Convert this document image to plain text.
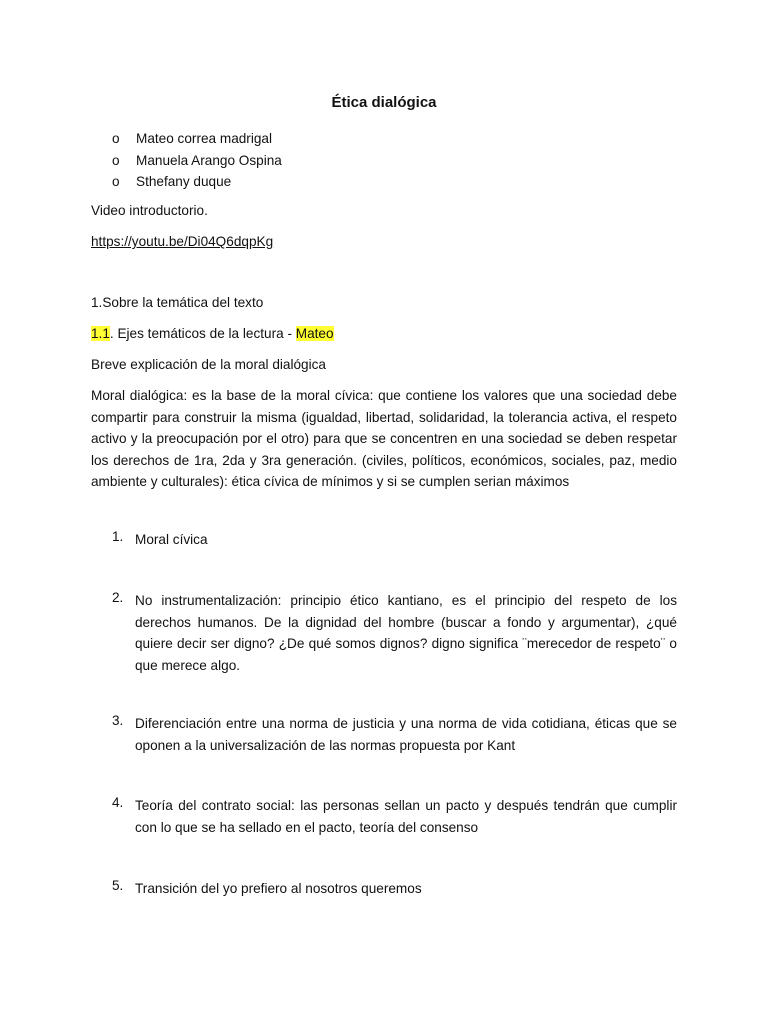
Ética dialógica
o Mateo correa madrigal
o Manuela Arango Ospina
o Sthefany duque
Video introductorio.
https://youtu.be/Di04Q6dqpKg
1.Sobre la temática del texto
1.1. Ejes temáticos de la lectura - Mateo
Breve explicación de la moral dialógica
Moral dialógica: es la base de la moral cívica: que contiene los valores que una sociedad debe compartir para construir la misma (igualdad, libertad, solidaridad, la tolerancia activa, el respeto activo y la preocupación por el otro) para que se concentren en una sociedad se deben respetar los derechos de 1ra, 2da y 3ra generación. (civiles, políticos, económicos, sociales, paz, medio ambiente y culturales): ética cívica de mínimos y si se cumplen serian máximos
1. Moral cívica
2. No instrumentalización: principio ético kantiano, es el principio del respeto de los derechos humanos. De la dignidad del hombre (buscar a fondo y argumentar), ¿qué quiere decir ser digno? ¿De qué somos dignos? digno significa ¨merecedor de respeto¨ o que merece algo.
3. Diferenciación entre una norma de justicia y una norma de vida cotidiana, éticas que se oponen a la universalización de las normas propuesta por Kant
4. Teoría del contrato social: las personas sellan un pacto y después tendrán que cumplir con lo que se ha sellado en el pacto, teoría del consenso
5. Transición del yo prefiero al nosotros queremos
